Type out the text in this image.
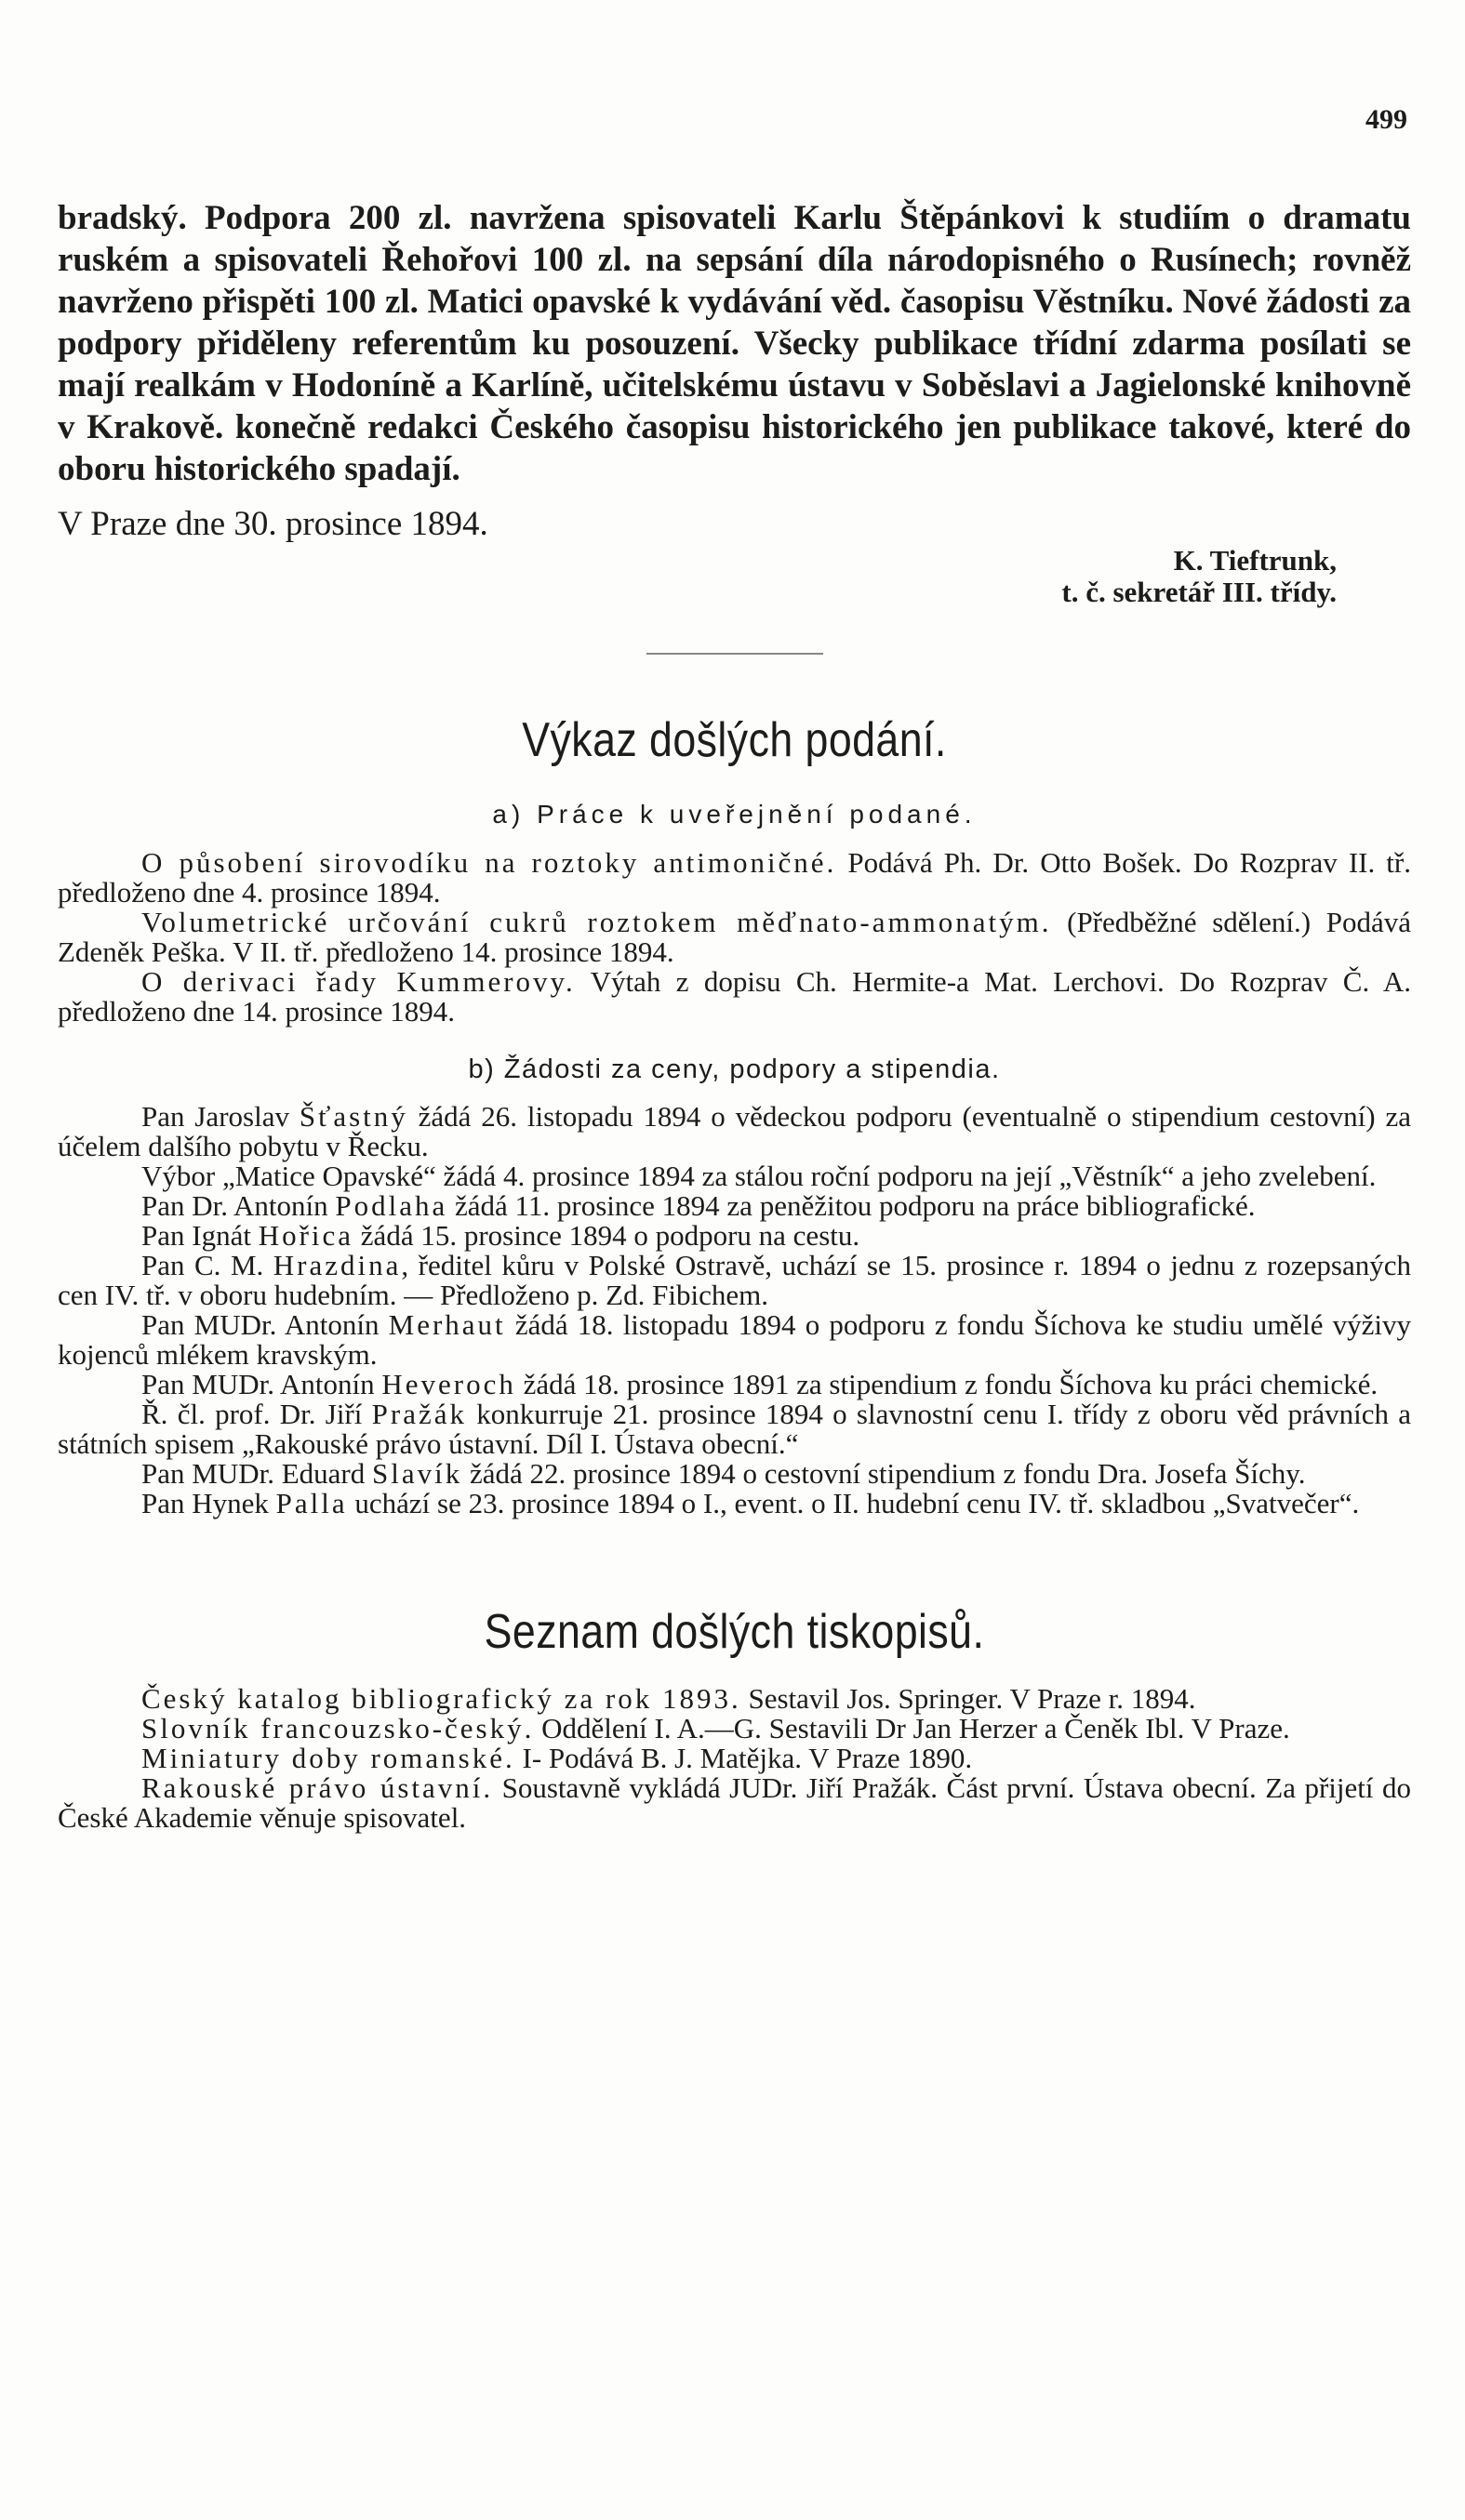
499

bradský. Podpora 200 zl. navržena spisovateli Karlu Štěpánkovi k studiím o dramatu ruském a spisovateli Řehořovi 100 zl. na sepsání díla národopisného o Rusínech; rovněž navrženo přispěti 100 zl. Matici opavské k vydávání věd. časopisu Věstníku. Nové žádosti za podpory přiděleny referentům ku posouzení. Všecky publikace třídní zdarma posílati se mají realkám v Hodoníně a Karlíně, učitelskému ústavu v Soběslavi a Jagielonské knihovně v Krakově. konečně redakci Českého časopisu historického jen publikace takové, které do oboru historického spadají.

V Praze dne 30. prosince 1894.

K. Tieftrunk,
t. č. sekretář III. třídy.
Výkaz došlých podání.
a) Práce k uveřejnění podané.

O působení sirovodíku na roztoky antimoničné. Podává Ph. Dr. Otto Bošek. Do Rozprav II. tř. předloženo dne 4. prosince 1894.

Volumetrické určování cukrů roztokem měďnato-ammonatým. (Předběžné sdělení.) Podává Zdeněk Peška. V II. tř. předloženo 14. prosince 1894.

O derivaci řady Kummerovy. Výtah z dopisu Ch. Hermite-a Mat. Lerchovi. Do Rozprav Č. A. předloženo dne 14. prosince 1894.

b) Žádosti za ceny, podpory a stipendia.

Pan Jaroslav Šťastný žádá 26. listopadu 1894 o vědeckou podporu (eventualně o stipendium cestovní) za účelem dalšího pobytu v Řecku.

Výbor „Matice Opavské“ žádá 4. prosince 1894 za stálou roční podporu na její „Věstník“ a jeho zvelebení.

Pan Dr. Antonín Podlaha žádá 11. prosince 1894 za peněžitou podporu na práce bibliografické.

Pan Ignát Hořica žádá 15. prosince 1894 o podporu na cestu.

Pan C. M. Hrazdina, ředitel kůru v Polské Ostravě, uchází se 15. prosince r. 1894 o jednu z rozepsaných cen IV. tř. v oboru hudebním. — Předloženo p. Zd. Fibichem.

Pan MUDr. Antonín Merhaut žádá 18. listopadu 1894 o podporu z fondu Šíchova ke studiu umělé výživy kojenců mlékem kravským.

Pan MUDr. Antonín Heveroch žádá 18. prosince 1891 za stipendium z fondu Šíchova ku práci chemické.

Ř. čl. prof. Dr. Jiří Pražák konkurruje 21. prosince 1894 o slavnostní cenu I. třídy z oboru věd právních a státních spisem „Rakouské právo ústavní. Díl I. Ústava obecní.“

Pan MUDr. Eduard Slavík žádá 22. prosince 1894 o cestovní stipendium z fondu Dra. Josefa Šíchy.

Pan Hynek Palla uchází se 23. prosince 1894 o I., event. o II. hudební cenu IV. tř. skladbou „Svatvečer“.

Seznam došlých tiskopisů.

Český katalog bibliografický za rok 1893. Sestavil Jos. Springer. V Praze r. 1894.

Slovník francouzsko-český. Oddělení I. A.—G. Sestavili Dr Jan Herzer a Čeněk Ibl. V Praze.

Miniatury doby romanské. I- Podává B. J. Matějka. V Praze 1890.

Rakouské právo ústavní. Soustavně vykládá JUDr. Jiří Pražák. Část první. Ústava obecní. Za přijetí do České Akademie věnuje spisovatel.
